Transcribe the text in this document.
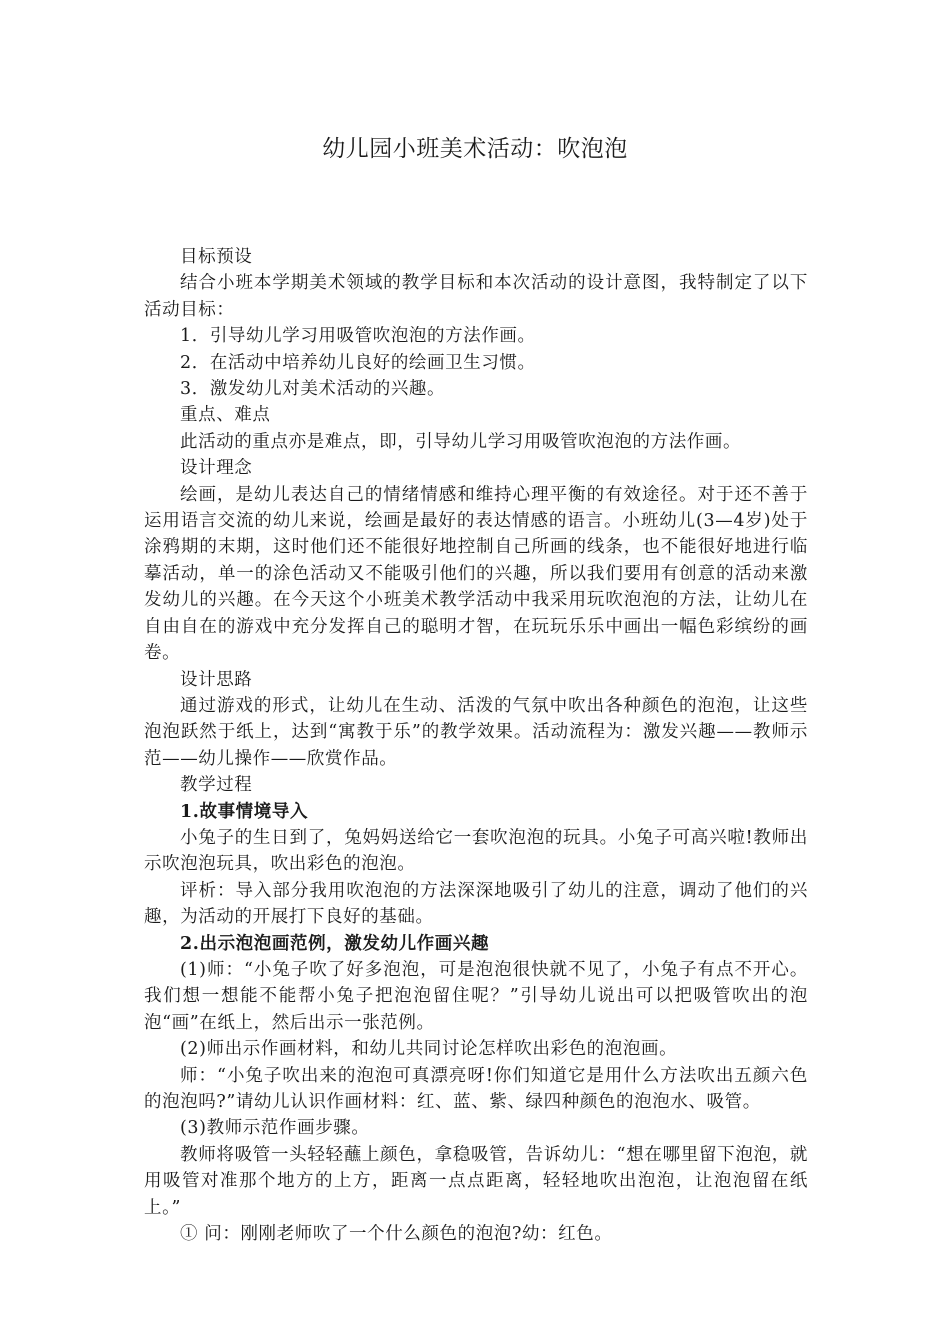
幼儿园小班美术活动：吹泡泡

目标预设

结合小班本学期美术领域的教学目标和本次活动的设计意图，我特制定了以下活动目标：

1．引导幼儿学习用吸管吹泡泡的方法作画。

2．在活动中培养幼儿良好的绘画卫生习惯。

3．激发幼儿对美术活动的兴趣。

重点、难点

此活动的重点亦是难点，即，引导幼儿学习用吸管吹泡泡的方法作画。

设计理念

绘画，是幼儿表达自己的情绪情感和维持心理平衡的有效途径。对于还不善于运用语言交流的幼儿来说，绘画是最好的表达情感的语言。小班幼儿(3—4岁)处于涂鸦期的末期，这时他们还不能很好地控制自己所画的线条，也不能很好地进行临摹活动，单一的涂色活动又不能吸引他们的兴趣，所以我们要用有创意的活动来激发幼儿的兴趣。在今天这个小班美术教学活动中我采用玩吹泡泡的方法，让幼儿在自由自在的游戏中充分发挥自己的聪明才智，在玩玩乐乐中画出一幅色彩缤纷的画卷。

设计思路

通过游戏的形式，让幼儿在生动、活泼的气氛中吹出各种颜色的泡泡，让这些泡泡跃然于纸上，达到“寓教于乐”的教学效果。活动流程为：激发兴趣——教师示范——幼儿操作——欣赏作品。

教学过程

1.故事情境导入

小兔子的生日到了，兔妈妈送给它一套吹泡泡的玩具。小兔子可高兴啦!教师出示吹泡泡玩具，吹出彩色的泡泡。

评析：导入部分我用吹泡泡的方法深深地吸引了幼儿的注意，调动了他们的兴趣，为活动的开展打下良好的基础。

2.出示泡泡画范例，激发幼儿作画兴趣

(1)师：“小兔子吹了好多泡泡，可是泡泡很快就不见了，小兔子有点不开心。我们想一想能不能帮小兔子把泡泡留住呢？”引导幼儿说出可以把吸管吹出的泡泡“画”在纸上，然后出示一张范例。

(2)师出示作画材料，和幼儿共同讨论怎样吹出彩色的泡泡画。

师：“小兔子吹出来的泡泡可真漂亮呀!你们知道它是用什么方法吹出五颜六色的泡泡吗?”请幼儿认识作画材料：红、蓝、紫、绿四种颜色的泡泡水、吸管。

(3)教师示范作画步骤。

教师将吸管一头轻轻蘸上颜色，拿稳吸管，告诉幼儿：“想在哪里留下泡泡，就用吸管对准那个地方的上方，距离一点点距离，轻轻地吹出泡泡，让泡泡留在纸上。”

① 问：刚刚老师吹了一个什么颜色的泡泡?幼：红色。
